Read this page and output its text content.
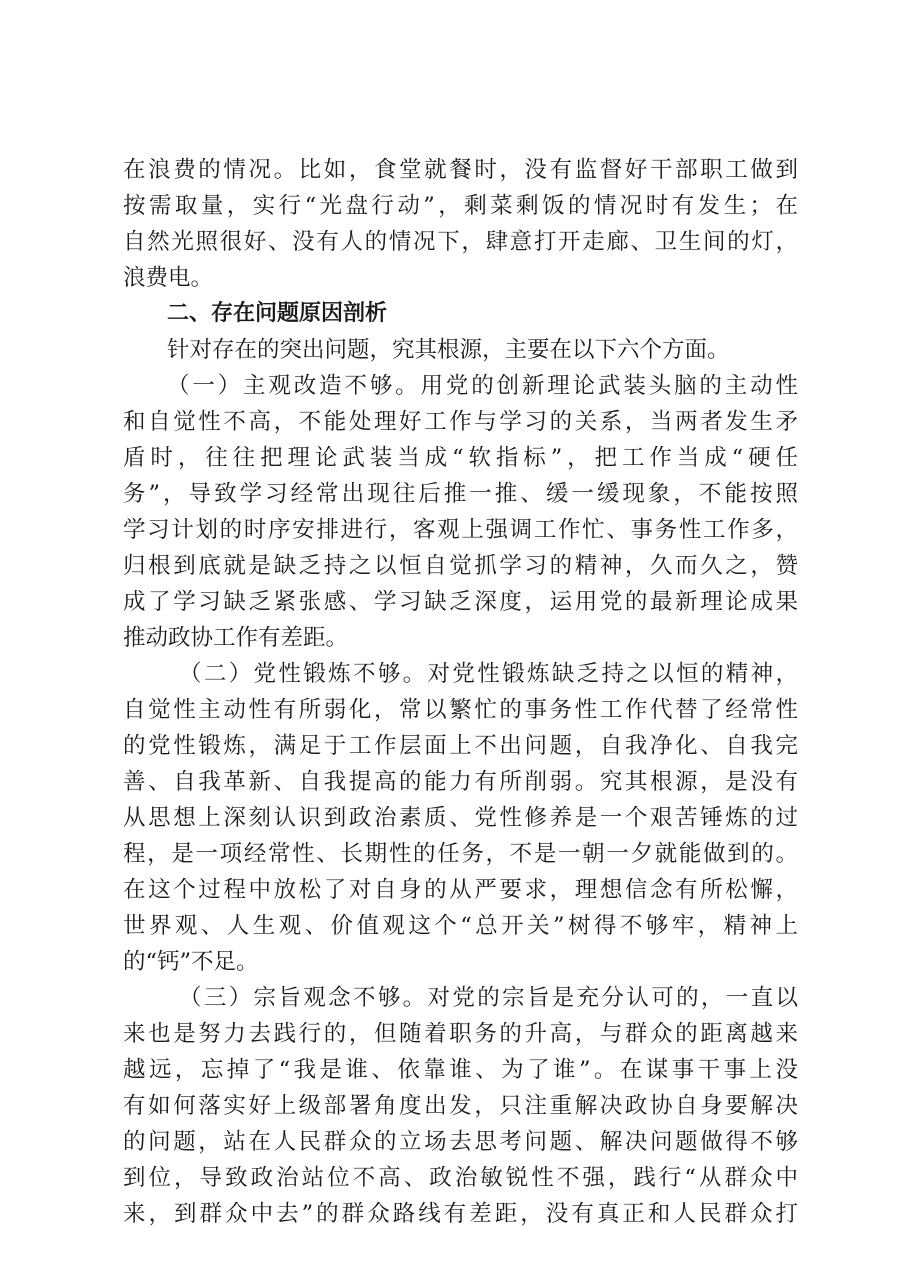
在浪费的情况。比如，食堂就餐时，没有监督好干部职工做到
按需取量，实行“光盘行动”，剩菜剩饭的情况时有发生；在
自然光照很好、没有人的情况下，肆意打开走廊、卫生间的灯，
浪费电。
二、存在问题原因剖析
针对存在的突出问题，究其根源，主要在以下六个方面。
（一）主观改造不够。用党的创新理论武装头脑的主动性
和自觉性不高，不能处理好工作与学习的关系，当两者发生矛
盾时，往往把理论武装当成“软指标”，把工作当成“硬任
务”，导致学习经常出现往后推一推、缓一缓现象，不能按照
学习计划的时序安排进行，客观上强调工作忙、事务性工作多，
归根到底就是缺乏持之以恒自觉抓学习的精神，久而久之，赞
成了学习缺乏紧张感、学习缺乏深度，运用党的最新理论成果
推动政协工作有差距。
（二）党性锻炼不够。对党性锻炼缺乏持之以恒的精神，
自觉性主动性有所弱化，常以繁忙的事务性工作代替了经常性
的党性锻炼，满足于工作层面上不出问题，自我净化、自我完
善、自我革新、自我提高的能力有所削弱。究其根源，是没有
从思想上深刻认识到政治素质、党性修养是一个艰苦锤炼的过
程，是一项经常性、长期性的任务，不是一朝一夕就能做到的。
在这个过程中放松了对自身的从严要求，理想信念有所松懈，
世界观、人生观、价值观这个“总开关”树得不够牢，精神上
的“钙”不足。
（三）宗旨观念不够。对党的宗旨是充分认可的，一直以
来也是努力去践行的，但随着职务的升高，与群众的距离越来
越远，忘掉了“我是谁、依靠谁、为了谁”。在谋事干事上没
有如何落实好上级部署角度出发，只注重解决政协自身要解决
的问题，站在人民群众的立场去思考问题、解决问题做得不够
到位，导致政治站位不高、政治敏锐性不强，践行“从群众中
来，到群众中去”的群众路线有差距，没有真正和人民群众打
